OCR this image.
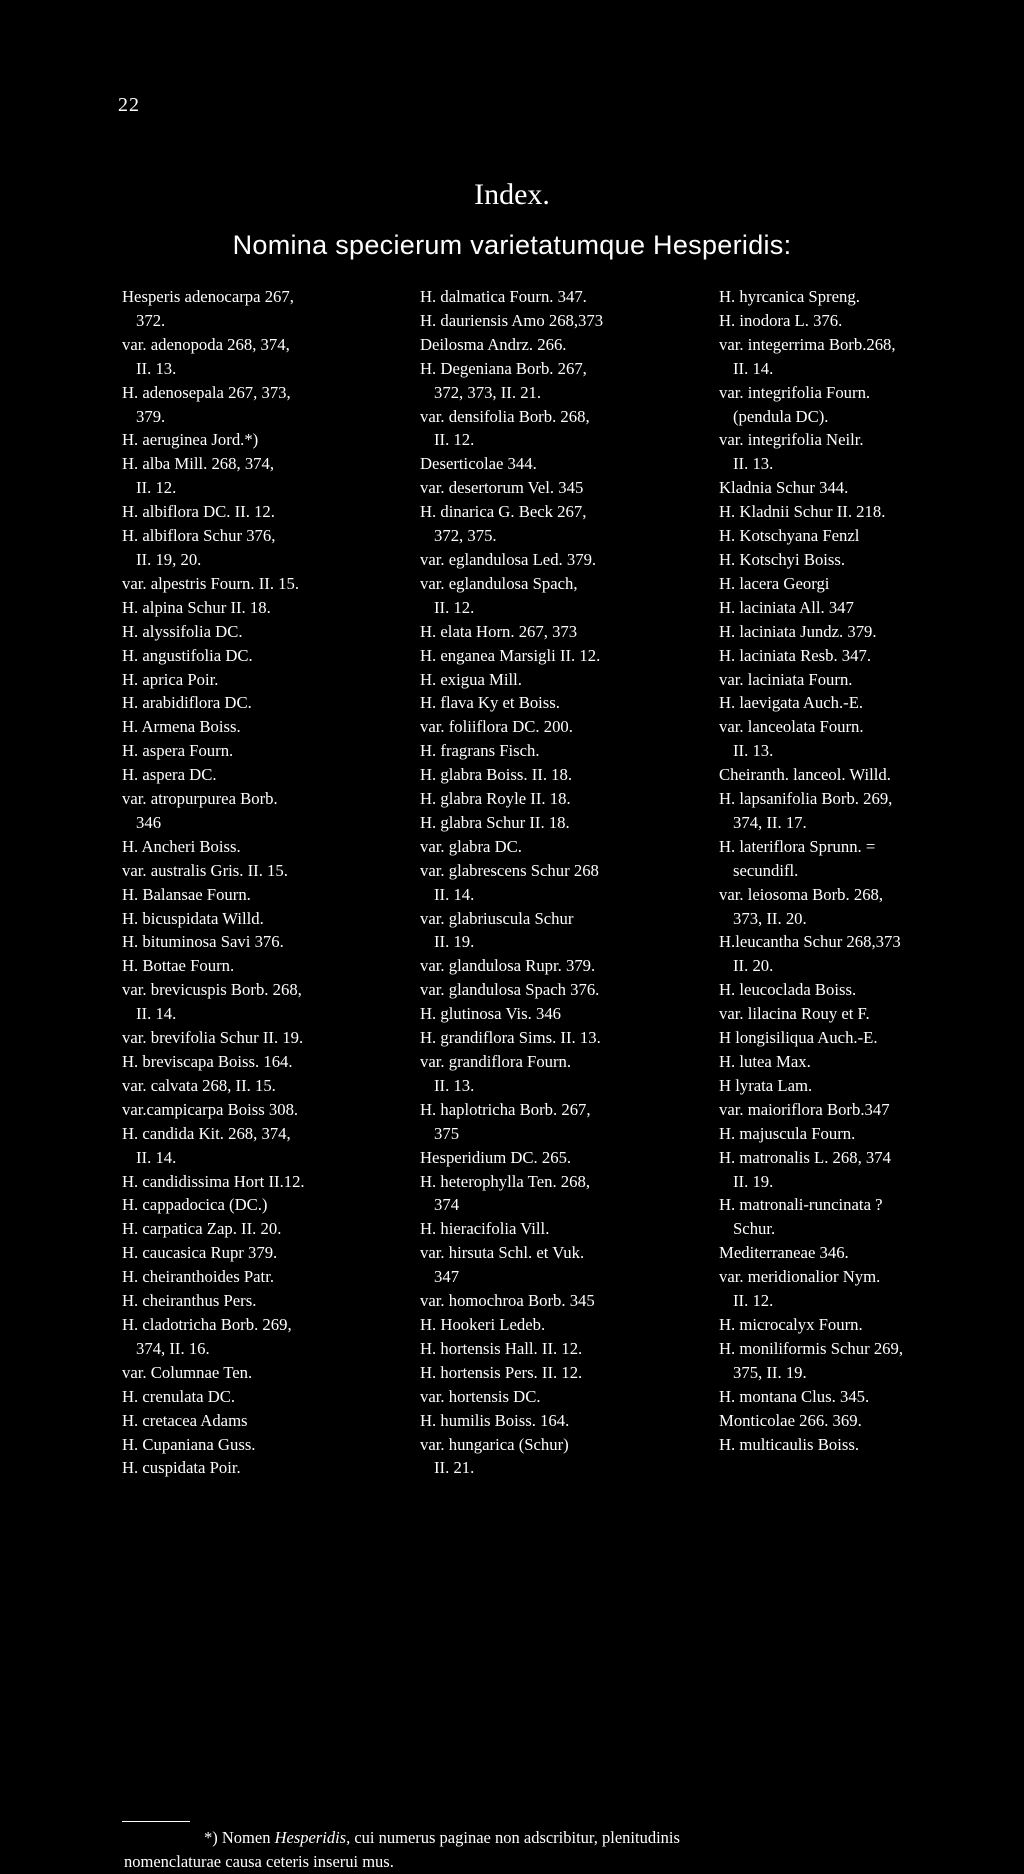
22
Index.
Nomina specierum varietatumque Hesperidis:
Hesperis adenocarpa 267,
372.
var. adenopoda 268, 374,
II. 13.
H. adenosepala 267, 373,
379.
H. aeruginea Jord.*)
H. alba Mill. 268, 374,
II. 12.
H. albiflora DC. II. 12.
H. albiflora Schur 376,
II. 19, 20.
var. alpestris Fourn. II. 15.
H. alpina Schur II. 18.
H. alyssifolia DC.
H. angustifolia DC.
H. aprica Poir.
H. arabidiflora DC.
H. Armena Boiss.
H. aspera Fourn.
H. aspera DC.
var. atropurpurea Borb.
346
H. Ancheri Boiss.
var. australis Gris. II. 15.
H. Balansae Fourn.
H. bicuspidata Willd.
H. bituminosa Savi 376.
H. Bottae Fourn.
var. brevicuspis Borb. 268,
II. 14.
var. brevifolia Schur II. 19.
H. breviscapa Boiss. 164.
var. calvata 268, II. 15.
var.campicarpa Boiss 308.
H. candida Kit. 268, 374,
II. 14.
H. candidissima Hort II.12.
H. cappadocica (DC.)
H. carpatica Zap. II. 20.
H. caucasica Rupr 379.
H. cheiranthoides Patr.
H. cheiranthus Pers.
H. cladotricha Borb. 269,
374, II. 16.
var. Columnae Ten.
H. crenulata DC.
H. cretacea Adams
H. Cupaniana Guss.
H. cuspidata Poir.
H. dalmatica Fourn. 347.
H. dauriensis Amo 268,373
Deilosma Andrz. 266.
H. Degeniana Borb. 267,
372, 373, II. 21.
var. densifolia Borb. 268,
II. 12.
Deserticolae 344.
var. desertorum Vel. 345
H. dinarica G. Beck 267,
372, 375.
var. eglandulosa Led. 379.
var. eglandulosa Spach,
II. 12.
H. elata Horn. 267, 373
H. enganea Marsigli II. 12.
H. exigua Mill.
H. flava Ky et Boiss.
var. foliiflora DC. 200.
H. fragrans Fisch.
H. glabra Boiss. II. 18.
H. glabra Royle II. 18.
H. glabra Schur II. 18.
var. glabra DC.
var. glabrescens Schur 268
II. 14.
var. glabriuscula Schur
II. 19.
var. glandulosa Rupr. 379.
var. glandulosa Spach 376.
H. glutinosa Vis. 346
H. grandiflora Sims. II. 13.
var. grandiflora Fourn.
II. 13.
H. haplotricha Borb. 267,
375
Hesperidium DC. 265.
H. heterophylla Ten. 268,
374
H. hieracifolia Vill.
var. hirsuta Schl. et Vuk.
347
var. homochroa Borb. 345
H. Hookeri Ledeb.
H. hortensis Hall. II. 12.
H. hortensis Pers. II. 12.
var. hortensis DC.
H. humilis Boiss. 164.
var. hungarica (Schur)
II. 21.
H. hyrcanica Spreng.
H. inodora L. 376.
var. integerrima Borb.268,
II. 14.
var. integrifolia Fourn.
(pendula DC).
var. integrifolia Neilr.
II. 13.
Kladnia Schur 344.
H. Kladnii Schur II. 218.
H. Kotschyana Fenzl
H. Kotschyi Boiss.
H. lacera Georgi
H. laciniata All. 347
H. laciniata Jundz. 379.
H. laciniata Resb. 347.
var. laciniata Fourn.
H. laevigata Auch.-E.
var. lanceolata Fourn.
II. 13.
Cheiranth. lanceol. Willd.
H. lapsanifolia Borb. 269,
374, II. 17.
H. lateriflora Sprunn. =
secundifl.
var. leiosoma Borb. 268,
373, II. 20.
H.leucantha Schur 268,373
II. 20.
H. leucoclada Boiss.
var. lilacina Rouy et F.
H longisiliqua Auch.-E.
H. lutea Max.
H lyrata Lam.
var. maioriflora Borb.347
H. majuscula Fourn.
H. matronalis L. 268, 374
II. 19.
H. matronali-runcinata ?
Schur.
Mediterraneae 346.
var. meridionalior Nym.
II. 12.
H. microcalyx Fourn.
H. moniliformis Schur 269,
375, II. 19.
H. montana Clus. 345.
Monticolae 266. 369.
H. multicaulis Boiss.

*) Nomen Hesperidis, cui numerus paginae non adscribitur, plenitudinis

nomenclaturae causa ceteris inserui mus.
